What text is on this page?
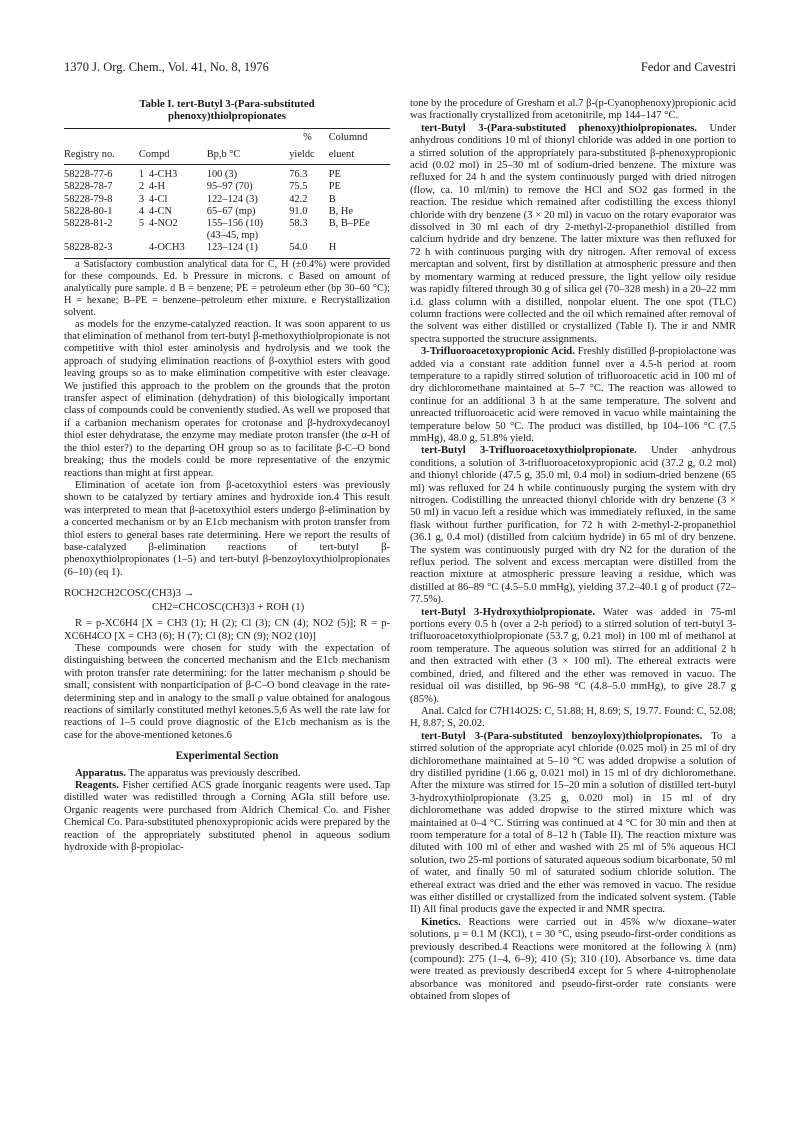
1370 J. Org. Chem., Vol. 41, No. 8, 1976	Fedor and Cavestri
Table I. tert-Butyl 3-(Para-substituted
phenoxy)thiolpropionates
			%	Columnd
Registry no.	Compd	Bp,b °C	yieldc	eluent
58228-77-6	1 4-CH3	100 (3)	76.3	PE
58228-78-7	2 4-H	95–97 (70)	75.5	PE
58228-79-8	3 4-Cl	122–124 (3)	42.2	B
58228-80-1	4 4-CN	65–67 (mp)	91.0	B, He
58228-81-2	5 4-NO2	155–156 (10)	58.3	B, B–PEe
		(43–45, mp)		
58228-82-3	4-OCH3	123–124 (1)	54.0	H

a Satisfactory combustion analytical data for C, H (±0.4%) were provided for these compounds. Ed. b Pressure in microns. c Based on amount of analytically pure sample. d B = benzene; PE = petroleum ether (bp 30–60 °C); H = hexane; B–PE = benzene–petroleum ether mixture. e Recrystallization solvent.

as models for the enzyme-catalyzed reaction. It was soon apparent to us that elimination of methanol from tert-butyl β-methoxythiolpropionate is not competitive with thiol ester aminolysis and hydrolysis and we took the approach of studying elimination reactions of β-oxythiol esters with good leaving groups so as to make elimination competitive with ester cleavage. We justified this approach to the problem on the grounds that the proton transfer aspect of elimination (dehydration) of this biologically important class of compounds could be conveniently studied. As well we proposed that if a carbanion mechanism operates for crotonase and β-hydroxydecanoyl thiol ester dehydratase, the enzyme may mediate proton transfer (the α-H of the thiol ester?) to the departing OH group so as to facilitate β-C–O bond breaking; thus the models could be more representative of the enzymic reactions than might at first appear.

Elimination of acetate ion from β-acetoxythiol esters was previously shown to be catalyzed by tertiary amines and hydroxide ion.4 This result was interpreted to mean that β-acetoxythiol esters undergo β-elimination by a concerted mechanism or by an E1cb mechanism with proton transfer from thiol esters to general bases rate determining. Here we report the results of base-catalyzed β-elimination reactions of tert-butyl β-phenoxythiolpropionates (1–5) and tert-butyl β-benzoyloxythiolpropionates (6–10) (eq 1).

ROCH2CH2COSC(CH3)3 →
CH2=CHCOSC(CH3)3 + ROH (1)

R = p-XC6H4 [X = CH3 (1); H (2); Cl (3); CN (4); NO2 (5)]; R = p-XC6H4CO [X = CH3 (6); H (7); Cl (8); CN (9); NO2 (10)]

These compounds were chosen for study with the expectation of distinguishing between the concerted mechanism and the E1cb mechanism with proton transfer rate determining: for the latter mechanism ρ should be small, consistent with nonparticipation of β-C–O bond cleavage in the rate-determining step and in analogy to the small ρ value obtained for analogous reactions of similarly constituted methyl ketones.5,6 As well the rate law for reactions of 1–5 could prove diagnostic of the E1cb mechanism as is the case for the above-mentioned ketones.6

Experimental Section

Apparatus. The apparatus was previously described.

Reagents. Fisher certified ACS grade inorganic reagents were used. Tap distilled water was redistilled through a Corning AGla still before use. Organic reagents were purchased from Aldrich Chemical Co. and Fisher Chemical Co. Para-substituted phenoxypropionic acids were prepared by the reaction of the appropriately substituted phenol in aqueous sodium hydroxide with β-propiolac-

tone by the procedure of Gresham et al.7 β-(p-Cyanophenoxy)propionic acid was fractionally crystallized from acetonitrile, mp 144–147 °C.

tert-Butyl 3-(Para-substituted phenoxy)thiolpropionates. Under anhydrous conditions 10 ml of thionyl chloride was added in one portion to a stirred solution of the appropriately para-substituted β-phenoxypropionic acid (0.02 mol) in 25–30 ml of sodium-dried benzene. The mixture was refluxed for 24 h and the system continuously purged with dried nitrogen (flow, ca. 10 ml/min) to remove the HCl and SO2 gas formed in the reaction. The residue which remained after codistilling the excess thionyl chloride with dry benzene (3 × 20 ml) in vacuo on the rotary evaporator was dissolved in 30 ml each of dry 2-methyl-2-propanethiol distilled from calcium hydride and dry benzene. The latter mixture was then refluxed for 72 h with continuous purging with dry nitrogen. After removal of excess mercaptan and solvent, first by distillation at atmospheric pressure and then by momentary warming at reduced pressure, the light yellow oily residue was rapidly filtered through 30 g of silica gel (70–328 mesh) in a 20–22 mm i.d. glass column with a distilled, nonpolar eluent. The one spot (TLC) column fractions were collected and the oil which remained after removal of the solvent was either distilled or crystallized (Table I). The ir and NMR spectra supported the structure assignments.

3-Trifluoroacetoxypropionic Acid. Freshly distilled β-propiolactone was added via a constant rate addition funnel over a 4.5-h period at room temperature to a rapidly stirred solution of trifluoroacetic acid in 100 ml of dry dichloromethane maintained at 5–7 °C. The reaction was allowed to continue for an additional 3 h at the same temperature. The solvent and unreacted trifluoroacetic acid were removed in vacuo while maintaining the temperature below 50 °C. The product was distilled, bp 104–106 °C (7.5 mmHg), 48.0 g, 51.8% yield.

tert-Butyl 3-Trifluoroacetoxythiolpropionate. Under anhydrous conditions, a solution of 3-trifluoroacetoxypropionic acid (37.2 g, 0.2 mol) and thionyl chloride (47.5 g, 35.0 ml, 0.4 mol) in sodium-dried benzene (65 ml) was refluxed for 24 h while continuously purging the system with dry nitrogen. Codistilling the unreacted thionyl chloride with dry benzene (3 × 50 ml) in vacuo left a residue which was immediately refluxed, in the same flask without further purification, for 72 h with 2-methyl-2-propanethiol (36.1 g, 0.4 mol) (distilled from calcium hydride) in 65 ml of dry benzene. The system was continuously purged with dry N2 for the duration of the reflux period. The solvent and excess mercaptan were distilled from the reaction mixture at atmospheric pressure leaving a residue, which was distilled at 86–89 °C (4.5–5.0 mmHg), yielding 37.2–40.1 g of product (72–77.5%).

tert-Butyl 3-Hydroxythiolpropionate. Water was added in 75-ml portions every 0.5 h (over a 2-h period) to a stirred solution of tert-butyl 3-trifluoroacetoxythiolpropionate (53.7 g, 0.21 mol) in 100 ml of methanol at room temperature. The aqueous solution was stirred for an additional 2 h and then extracted with ether (3 × 100 ml). The ethereal extracts were combined, dried, and filtered and the ether was removed in vacuo. The residual oil was distilled, bp 96–98 °C (4.8–5.0 mmHg), to give 28.7 g (85%).

Anal. Calcd for C7H14O2S: C, 51.88; H, 8.69; S, 19.77. Found: C, 52.08; H, 8.87; S, 20.02.

tert-Butyl 3-(Para-substituted benzoyloxy)thiolpropionates. To a stirred solution of the appropriate acyl chloride (0.025 mol) in 25 ml of dry dichloromethane maintained at 5–10 °C was added dropwise a solution of dry distilled pyridine (1.66 g, 0.021 mol) in 15 ml of dry dichloromethane. After the mixture was stirred for 15–20 min a solution of distilled tert-butyl 3-hydroxythiolpropionate (3.25 g, 0.020 mol) in 15 ml of dry dichloromethane was added dropwise to the stirred mixture which was maintained at 0–4 °C. Stirring was continued at 4 °C for 30 min and then at room temperature for a total of 8–12 h (Table II). The reaction mixture was diluted with 100 ml of ether and washed with 25 ml of 5% aqueous HCl solution, two 25-ml portions of saturated aqueous sodium bicarbonate, 50 ml of water, and finally 50 ml of saturated sodium chloride solution. The ethereal extract was dried and the ether was removed in vacuo. The residue was either distilled or crystallized from the indicated solvent system. (Table II) All final products gave the expected ir and NMR spectra.

Kinetics. Reactions were carried out in 45% w/w dioxane–water solutions, μ = 0.1 M (KCl), t = 30 °C, using pseudo-first-order conditions as previously described.4 Reactions were monitored at the following λ (nm) (compound): 275 (1–4, 6–9); 410 (5); 310 (10). Absorbance vs. time data were treated as previously described4 except for 5 where 4-nitrophenolate absorbance was monitored and pseudo-first-order rate constants were obtained from slopes of
